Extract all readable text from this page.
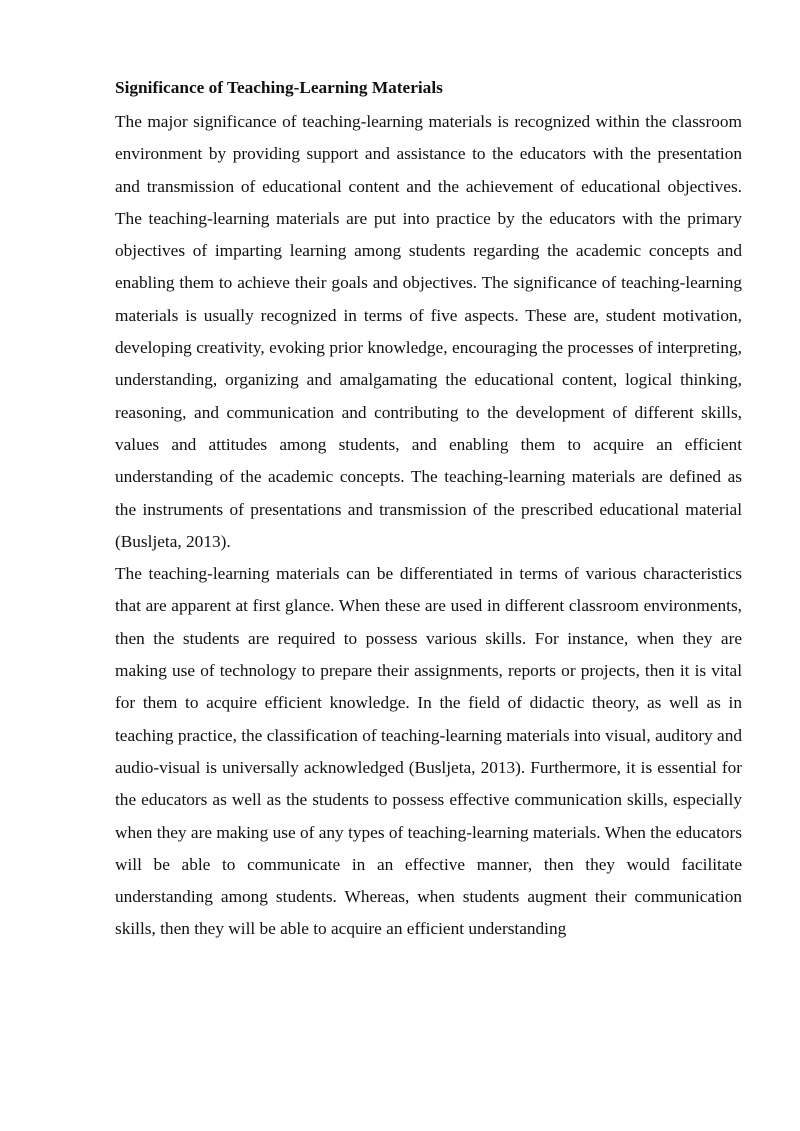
Significance of Teaching-Learning Materials

The major significance of teaching-learning materials is recognized within the classroom environment by providing support and assistance to the educators with the presentation and transmission of educational content and the achievement of educational objectives. The teaching-learning materials are put into practice by the educators with the primary objectives of imparting learning among students regarding the academic concepts and enabling them to achieve their goals and objectives. The significance of teaching-learning materials is usually recognized in terms of five aspects. These are, student motivation, developing creativity, evoking prior knowledge, encouraging the processes of interpreting, understanding, organizing and amalgamating the educational content, logical thinking, reasoning, and communication and contributing to the development of different skills, values and attitudes among students, and enabling them to acquire an efficient understanding of the academic concepts. The teaching-learning materials are defined as the instruments of presentations and transmission of the prescribed educational material (Busljeta, 2013).

The teaching-learning materials can be differentiated in terms of various characteristics that are apparent at first glance. When these are used in different classroom environments, then the students are required to possess various skills. For instance, when they are making use of technology to prepare their assignments, reports or projects, then it is vital for them to acquire efficient knowledge. In the field of didactic theory, as well as in teaching practice, the classification of teaching-learning materials into visual, auditory and audio-visual is universally acknowledged (Busljeta, 2013). Furthermore, it is essential for the educators as well as the students to possess effective communication skills, especially when they are making use of any types of teaching-learning materials. When the educators will be able to communicate in an effective manner, then they would facilitate understanding among students. Whereas, when students augment their communication skills, then they will be able to acquire an efficient understanding
